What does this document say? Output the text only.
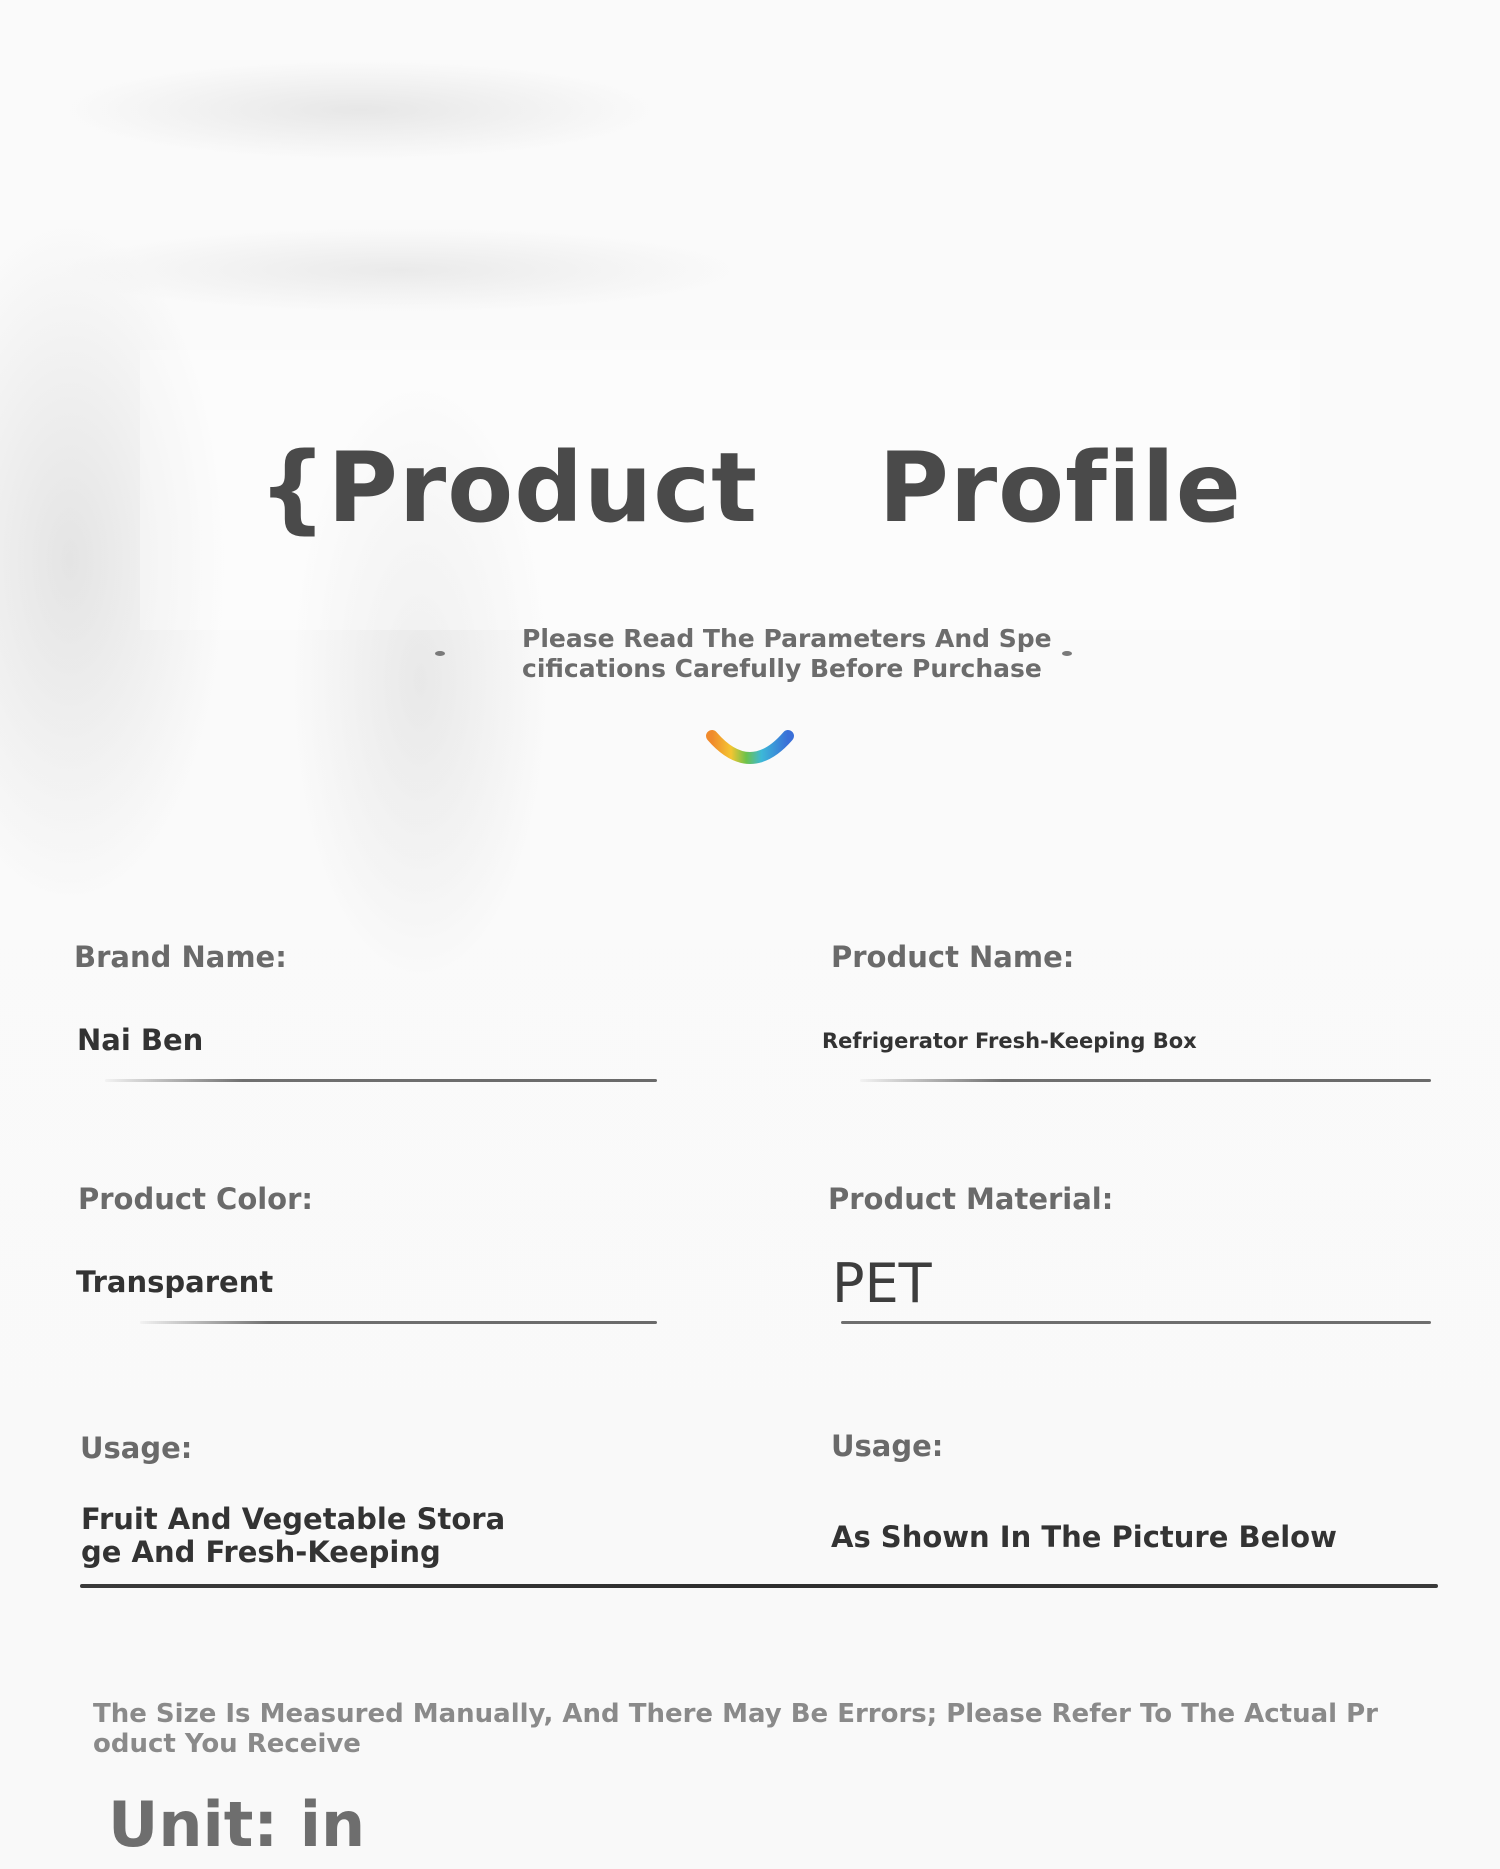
{Product Profile
Please Read The Parameters And Spe
cifications Carefully Before Purchase
Brand Name:
Nai Ben
Product Name:
Refrigerator Fresh-Keeping Box
Product Color:
Transparent
Product Material:
PET
Usage:
Fruit And Vegetable Stora
ge And Fresh-Keeping
Usage:
As Shown In The Picture Below
The Size Is Measured Manually, And There May Be Errors; Please Refer To The Actual Pr
oduct You Receive
Unit: in
